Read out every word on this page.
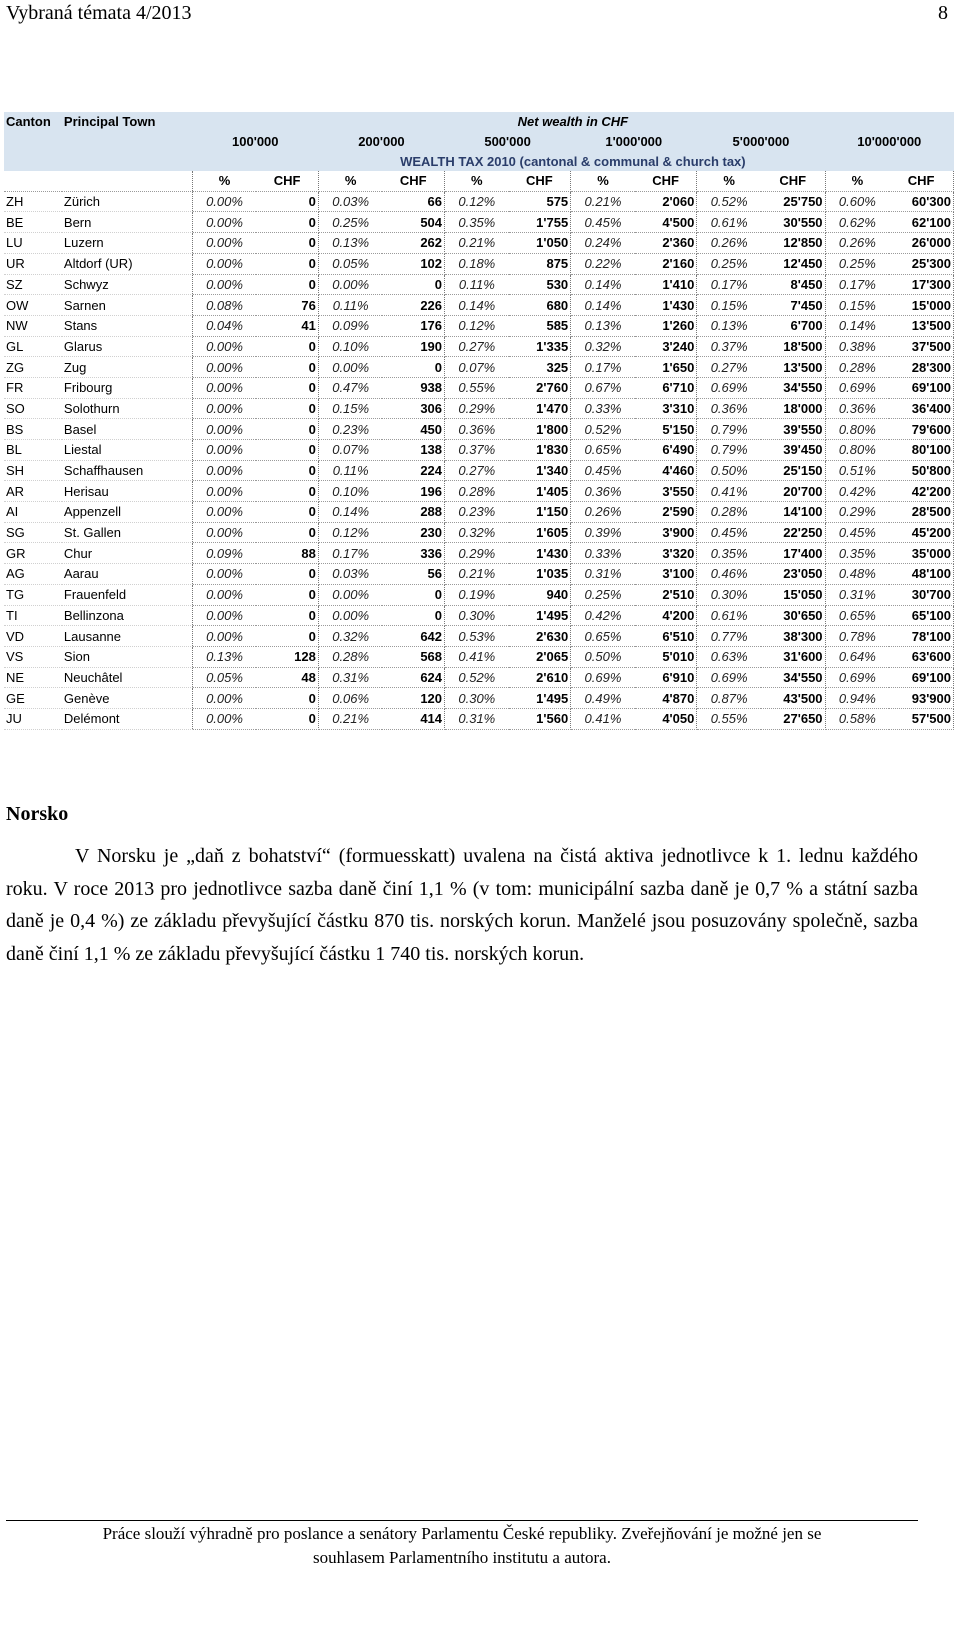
Vybraná témata 4/2013	8
Canton	Principal Town	Net wealth in CHF											
		100'000		200'000		500'000		1'000'000		5'000'000		10'000'000	
		WEALTH TAX 2010 (cantonal & communal & church tax)											
		%	CHF	%	CHF	%	CHF	%	CHF	%	CHF	%	CHF
ZH	Zürich	0.00%	0	0.03%	66	0.12%	575	0.21%	2'060	0.52%	25'750	0.60%	60'300
BE	Bern	0.00%	0	0.25%	504	0.35%	1'755	0.45%	4'500	0.61%	30'550	0.62%	62'100
LU	Luzern	0.00%	0	0.13%	262	0.21%	1'050	0.24%	2'360	0.26%	12'850	0.26%	26'000
UR	Altdorf (UR)	0.00%	0	0.05%	102	0.18%	875	0.22%	2'160	0.25%	12'450	0.25%	25'300
SZ	Schwyz	0.00%	0	0.00%	0	0.11%	530	0.14%	1'410	0.17%	8'450	0.17%	17'300
OW	Sarnen	0.08%	76	0.11%	226	0.14%	680	0.14%	1'430	0.15%	7'450	0.15%	15'000
NW	Stans	0.04%	41	0.09%	176	0.12%	585	0.13%	1'260	0.13%	6'700	0.14%	13'500
GL	Glarus	0.00%	0	0.10%	190	0.27%	1'335	0.32%	3'240	0.37%	18'500	0.38%	37'500
ZG	Zug	0.00%	0	0.00%	0	0.07%	325	0.17%	1'650	0.27%	13'500	0.28%	28'300
FR	Fribourg	0.00%	0	0.47%	938	0.55%	2'760	0.67%	6'710	0.69%	34'550	0.69%	69'100
SO	Solothurn	0.00%	0	0.15%	306	0.29%	1'470	0.33%	3'310	0.36%	18'000	0.36%	36'400
BS	Basel	0.00%	0	0.23%	450	0.36%	1'800	0.52%	5'150	0.79%	39'550	0.80%	79'600
BL	Liestal	0.00%	0	0.07%	138	0.37%	1'830	0.65%	6'490	0.79%	39'450	0.80%	80'100
SH	Schaffhausen	0.00%	0	0.11%	224	0.27%	1'340	0.45%	4'460	0.50%	25'150	0.51%	50'800
AR	Herisau	0.00%	0	0.10%	196	0.28%	1'405	0.36%	3'550	0.41%	20'700	0.42%	42'200
AI	Appenzell	0.00%	0	0.14%	288	0.23%	1'150	0.26%	2'590	0.28%	14'100	0.29%	28'500
SG	St. Gallen	0.00%	0	0.12%	230	0.32%	1'605	0.39%	3'900	0.45%	22'250	0.45%	45'200
GR	Chur	0.09%	88	0.17%	336	0.29%	1'430	0.33%	3'320	0.35%	17'400	0.35%	35'000
AG	Aarau	0.00%	0	0.03%	56	0.21%	1'035	0.31%	3'100	0.46%	23'050	0.48%	48'100
TG	Frauenfeld	0.00%	0	0.00%	0	0.19%	940	0.25%	2'510	0.30%	15'050	0.31%	30'700
TI	Bellinzona	0.00%	0	0.00%	0	0.30%	1'495	0.42%	4'200	0.61%	30'650	0.65%	65'100
VD	Lausanne	0.00%	0	0.32%	642	0.53%	2'630	0.65%	6'510	0.77%	38'300	0.78%	78'100
VS	Sion	0.13%	128	0.28%	568	0.41%	2'065	0.50%	5'010	0.63%	31'600	0.64%	63'600
NE	Neuchâtel	0.05%	48	0.31%	624	0.52%	2'610	0.69%	6'910	0.69%	34'550	0.69%	69'100
GE	Genève	0.00%	0	0.06%	120	0.30%	1'495	0.49%	4'870	0.87%	43'500	0.94%	93'900
JU	Delémont	0.00%	0	0.21%	414	0.31%	1'560	0.41%	4'050	0.55%	27'650	0.58%	57'500
Norsko
V Norsku je „daň z bohatství“ (formuesskatt) uvalena na čistá aktiva jednotlivce k 1. lednu každého roku. V roce 2013 pro jednotlivce sazba daně činí 1,1 % (v tom: municipální sazba daně je 0,7 % a státní sazba daně je 0,4 %) ze základu převyšující částku 870 tis. norských korun. Manželé jsou posuzovány společně, sazba daně činí 1,1 % ze základu převyšující částku 1 740 tis. norských korun.
Práce slouží výhradně pro poslance a senátory Parlamentu České republiky. Zveřejňování je možné jen se
souhlasem Parlamentního institutu a autora.
